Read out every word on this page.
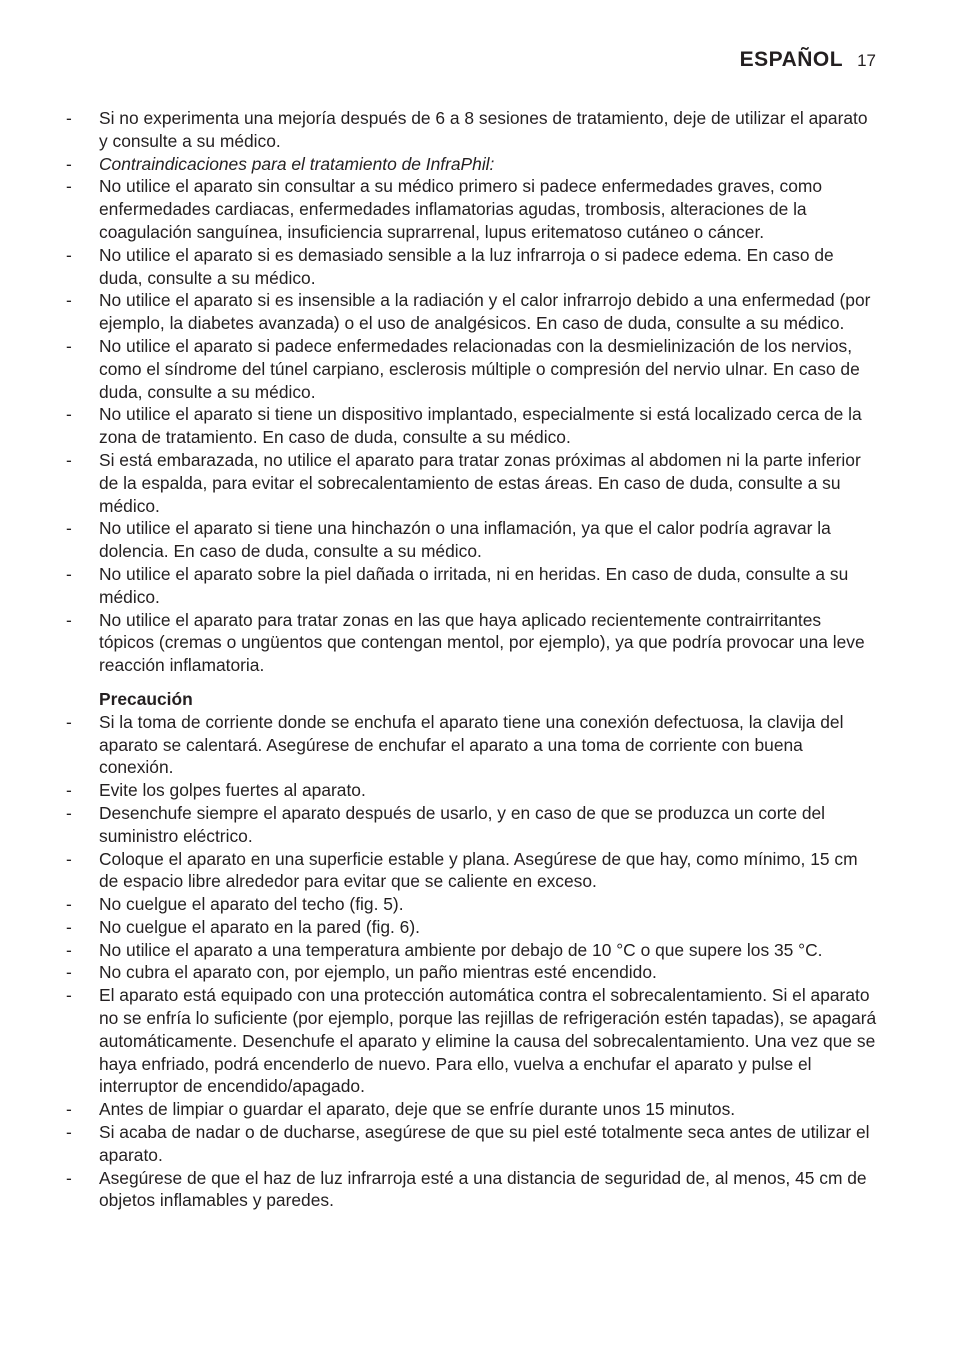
ESPAÑOL 17
- Si no experimenta una mejoría después de 6 a 8 sesiones de tratamiento, deje de utilizar el aparato y consulte a su médico.
- Contraindicaciones para el tratamiento de InfraPhil:
- No utilice el aparato sin consultar a su médico primero si padece enfermedades graves, como enfermedades cardiacas, enfermedades inflamatorias agudas, trombosis, alteraciones de la coagulación sanguínea, insuficiencia suprarrenal, lupus eritematoso cutáneo o cáncer.
- No utilice el aparato si es demasiado sensible a la luz infrarroja o si padece edema. En caso de duda, consulte a su médico.
- No utilice el aparato si es insensible a la radiación y el calor infrarrojo debido a una enfermedad (por ejemplo, la diabetes avanzada) o el uso de analgésicos. En caso de duda, consulte a su médico.
- No utilice el aparato si padece enfermedades relacionadas con la desmielinización de los nervios, como el síndrome del túnel carpiano, esclerosis múltiple o compresión del nervio ulnar. En caso de duda, consulte a su médico.
- No utilice el aparato si tiene un dispositivo implantado, especialmente si está localizado cerca de la zona de tratamiento. En caso de duda, consulte a su médico.
- Si está embarazada, no utilice el aparato para tratar zonas próximas al abdomen ni la parte inferior de la espalda, para evitar el sobrecalentamiento de estas áreas. En caso de duda, consulte a su médico.
- No utilice el aparato si tiene una hinchazón o una inflamación, ya que el calor podría agravar la dolencia. En caso de duda, consulte a su médico.
- No utilice el aparato sobre la piel dañada o irritada, ni en heridas. En caso de duda, consulte a su médico.
- No utilice el aparato para tratar zonas en las que haya aplicado recientemente contrairritantes tópicos (cremas o ungüentos que contengan mentol, por ejemplo), ya que podría provocar una leve reacción inflamatoria.
Precaución
- Si la toma de corriente donde se enchufa el aparato tiene una conexión defectuosa, la clavija del aparato se calentará. Asegúrese de enchufar el aparato a una toma de corriente con buena conexión.
- Evite los golpes fuertes al aparato.
- Desenchufe siempre el aparato después de usarlo, y en caso de que se produzca un corte del suministro eléctrico.
- Coloque el aparato en una superficie estable y plana. Asegúrese de que hay, como mínimo, 15 cm de espacio libre alrededor para evitar que se caliente en exceso.
- No cuelgue el aparato del techo (fig. 5).
- No cuelgue el aparato en la pared (fig. 6).
- No utilice el aparato a una temperatura ambiente por debajo de 10 °C o que supere los 35 °C.
- No cubra el aparato con, por ejemplo, un paño mientras esté encendido.
- El aparato está equipado con una protección automática contra el sobrecalentamiento. Si el aparato no se enfría lo suficiente (por ejemplo, porque las rejillas de refrigeración estén tapadas), se apagará automáticamente. Desenchufe el aparato y elimine la causa del sobrecalentamiento. Una vez que se haya enfriado, podrá encenderlo de nuevo. Para ello, vuelva a enchufar el aparato y pulse el interruptor de encendido/apagado.
- Antes de limpiar o guardar el aparato, deje que se enfríe durante unos 15 minutos.
- Si acaba de nadar o de ducharse, asegúrese de que su piel esté totalmente seca antes de utilizar el aparato.
- Asegúrese de que el haz de luz infrarroja esté a una distancia de seguridad de, al menos, 45 cm de objetos inflamables y paredes.
